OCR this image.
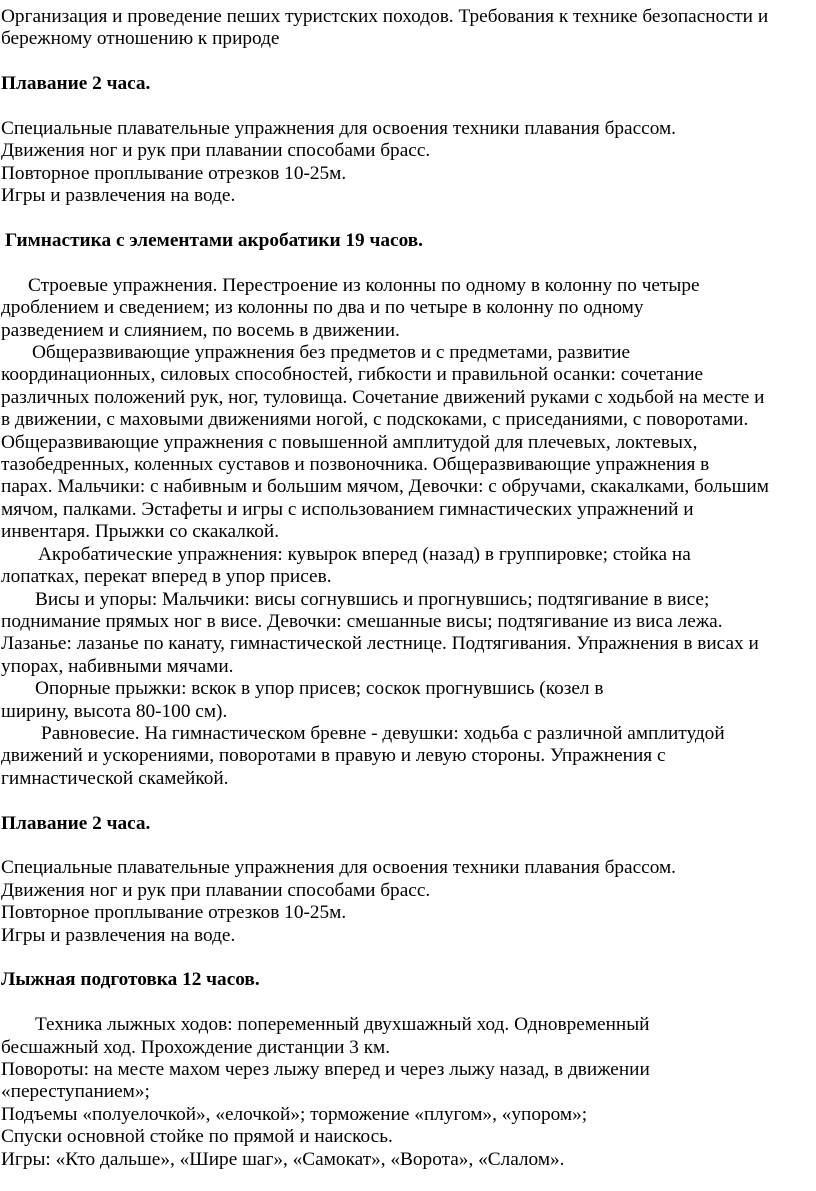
Организация и проведение пеших туристских походов. Требования к технике безопасности и

бережному отношению к природе

Плавание 2 часа.

Специальные плавательные упражнения для освоения техники плавания брассом.

Движения ног и рук при плавании способами брасс.

Повторное проплывание отрезков 10-25м.

Игры и развлечения на воде.

Гимнастика с элементами акробатики 19 часов.

Строевые упражнения. Перестроение из колонны по одному в колонну по четыре

дроблением и сведением; из колонны по два и по четыре в колонну по одному

разведением и слиянием, по восемь в движении.

Общеразвивающие упражнения без предметов и с предметами, развитие

координационных, силовых способностей, гибкости и правильной осанки: сочетание

различных положений рук, ног, туловища. Сочетание движений руками с ходьбой на месте и

в движении, с маховыми движениями ногой, с подскоками, с приседаниями, с поворотами.

Общеразвивающие упражнения с повышенной амплитудой для плечевых, локтевых,

тазобедренных, коленных суставов и позвоночника. Общеразвивающие упражнения в

парах. Мальчики: с набивным и большим мячом, Девочки: с обручами, скакалками, большим

мячом, палками. Эстафеты и игры с использованием гимнастических упражнений и

инвентаря. Прыжки со скакалкой.

Акробатические упражнения: кувырок вперед (назад) в группировке; стойка на

лопатках, перекат вперед в упор присев.

Висы и упоры: Мальчики: висы согнувшись и прогнувшись; подтягивание в висе;

поднимание прямых ног в висе. Девочки: смешанные висы; подтягивание из виса лежа.

Лазанье: лазанье по канату, гимнастической лестнице. Подтягивания. Упражнения в висах и

упорах, набивными мячами.

Опорные прыжки: вскок в упор присев; соскок прогнувшись (козел в

ширину, высота 80-100 см).

Равновесие. На гимнастическом бревне - девушки: ходьба с различной амплитудой

движений и ускорениями, поворотами в правую и левую стороны. Упражнения с

гимнастической скамейкой.

Плавание 2 часа.

Специальные плавательные упражнения для освоения техники плавания брассом.

Движения ног и рук при плавании способами брасс.

Повторное проплывание отрезков 10-25м.

Игры и развлечения на воде.

Лыжная подготовка 12 часов.

Техника лыжных ходов: попеременный двухшажный ход. Одновременный

бесшажный ход. Прохождение дистанции 3 км.

Повороты: на месте махом через лыжу вперед и через лыжу назад, в движении

«переступанием»;

Подъемы «полуелочкой», «елочкой»; торможение «плугом», «упором»;

Спуски основной стойке по прямой и наискось.

Игры: «Кто дальше», «Шире шаг», «Самокат», «Ворота», «Слалом».
